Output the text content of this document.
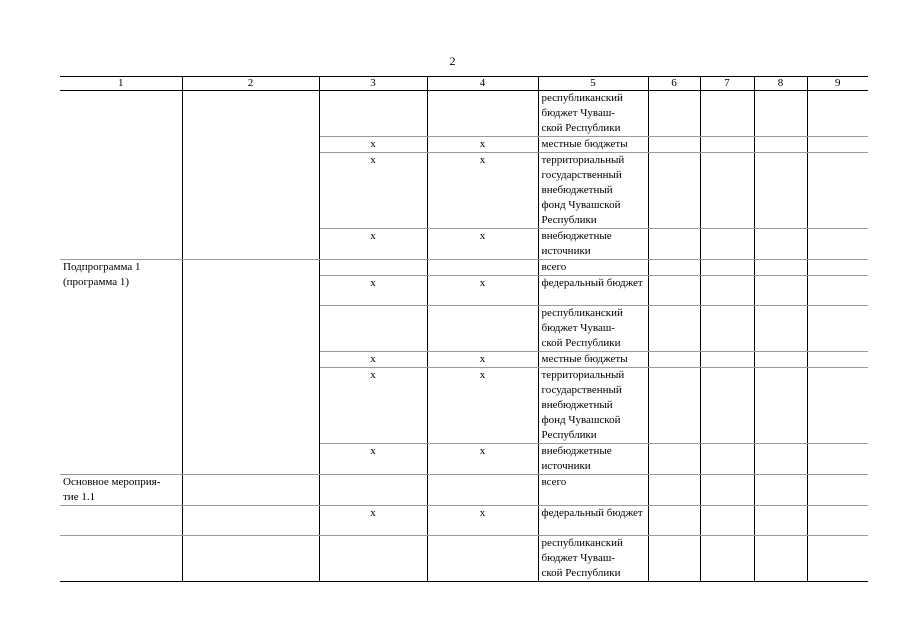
2
1	2	3	4	5	6	7	8	9

				республиканский
бюджет Чуваш-
ской Республики				

		х	х	местные бюджеты				
		х	х	территориальный
государственный
внебюджетный
фонд Чувашской
Республики				

		х	х	внебюджетные
источники				

Подпрограмма 1
(программа 1)				всего				
		х	х	федеральный бюджет				

				республиканский
бюджет Чуваш-
ской Республики				

		х	х	местные бюджеты				
		х	х	территориальный
государственный
внебюджетный
фонд Чувашской
Республики				

		х	х	внебюджетные
источники				

Основное мероприя-
тие 1.1				всего				
		х	х	федеральный бюджет				

				республиканский
бюджет Чуваш-
ской Республики				
